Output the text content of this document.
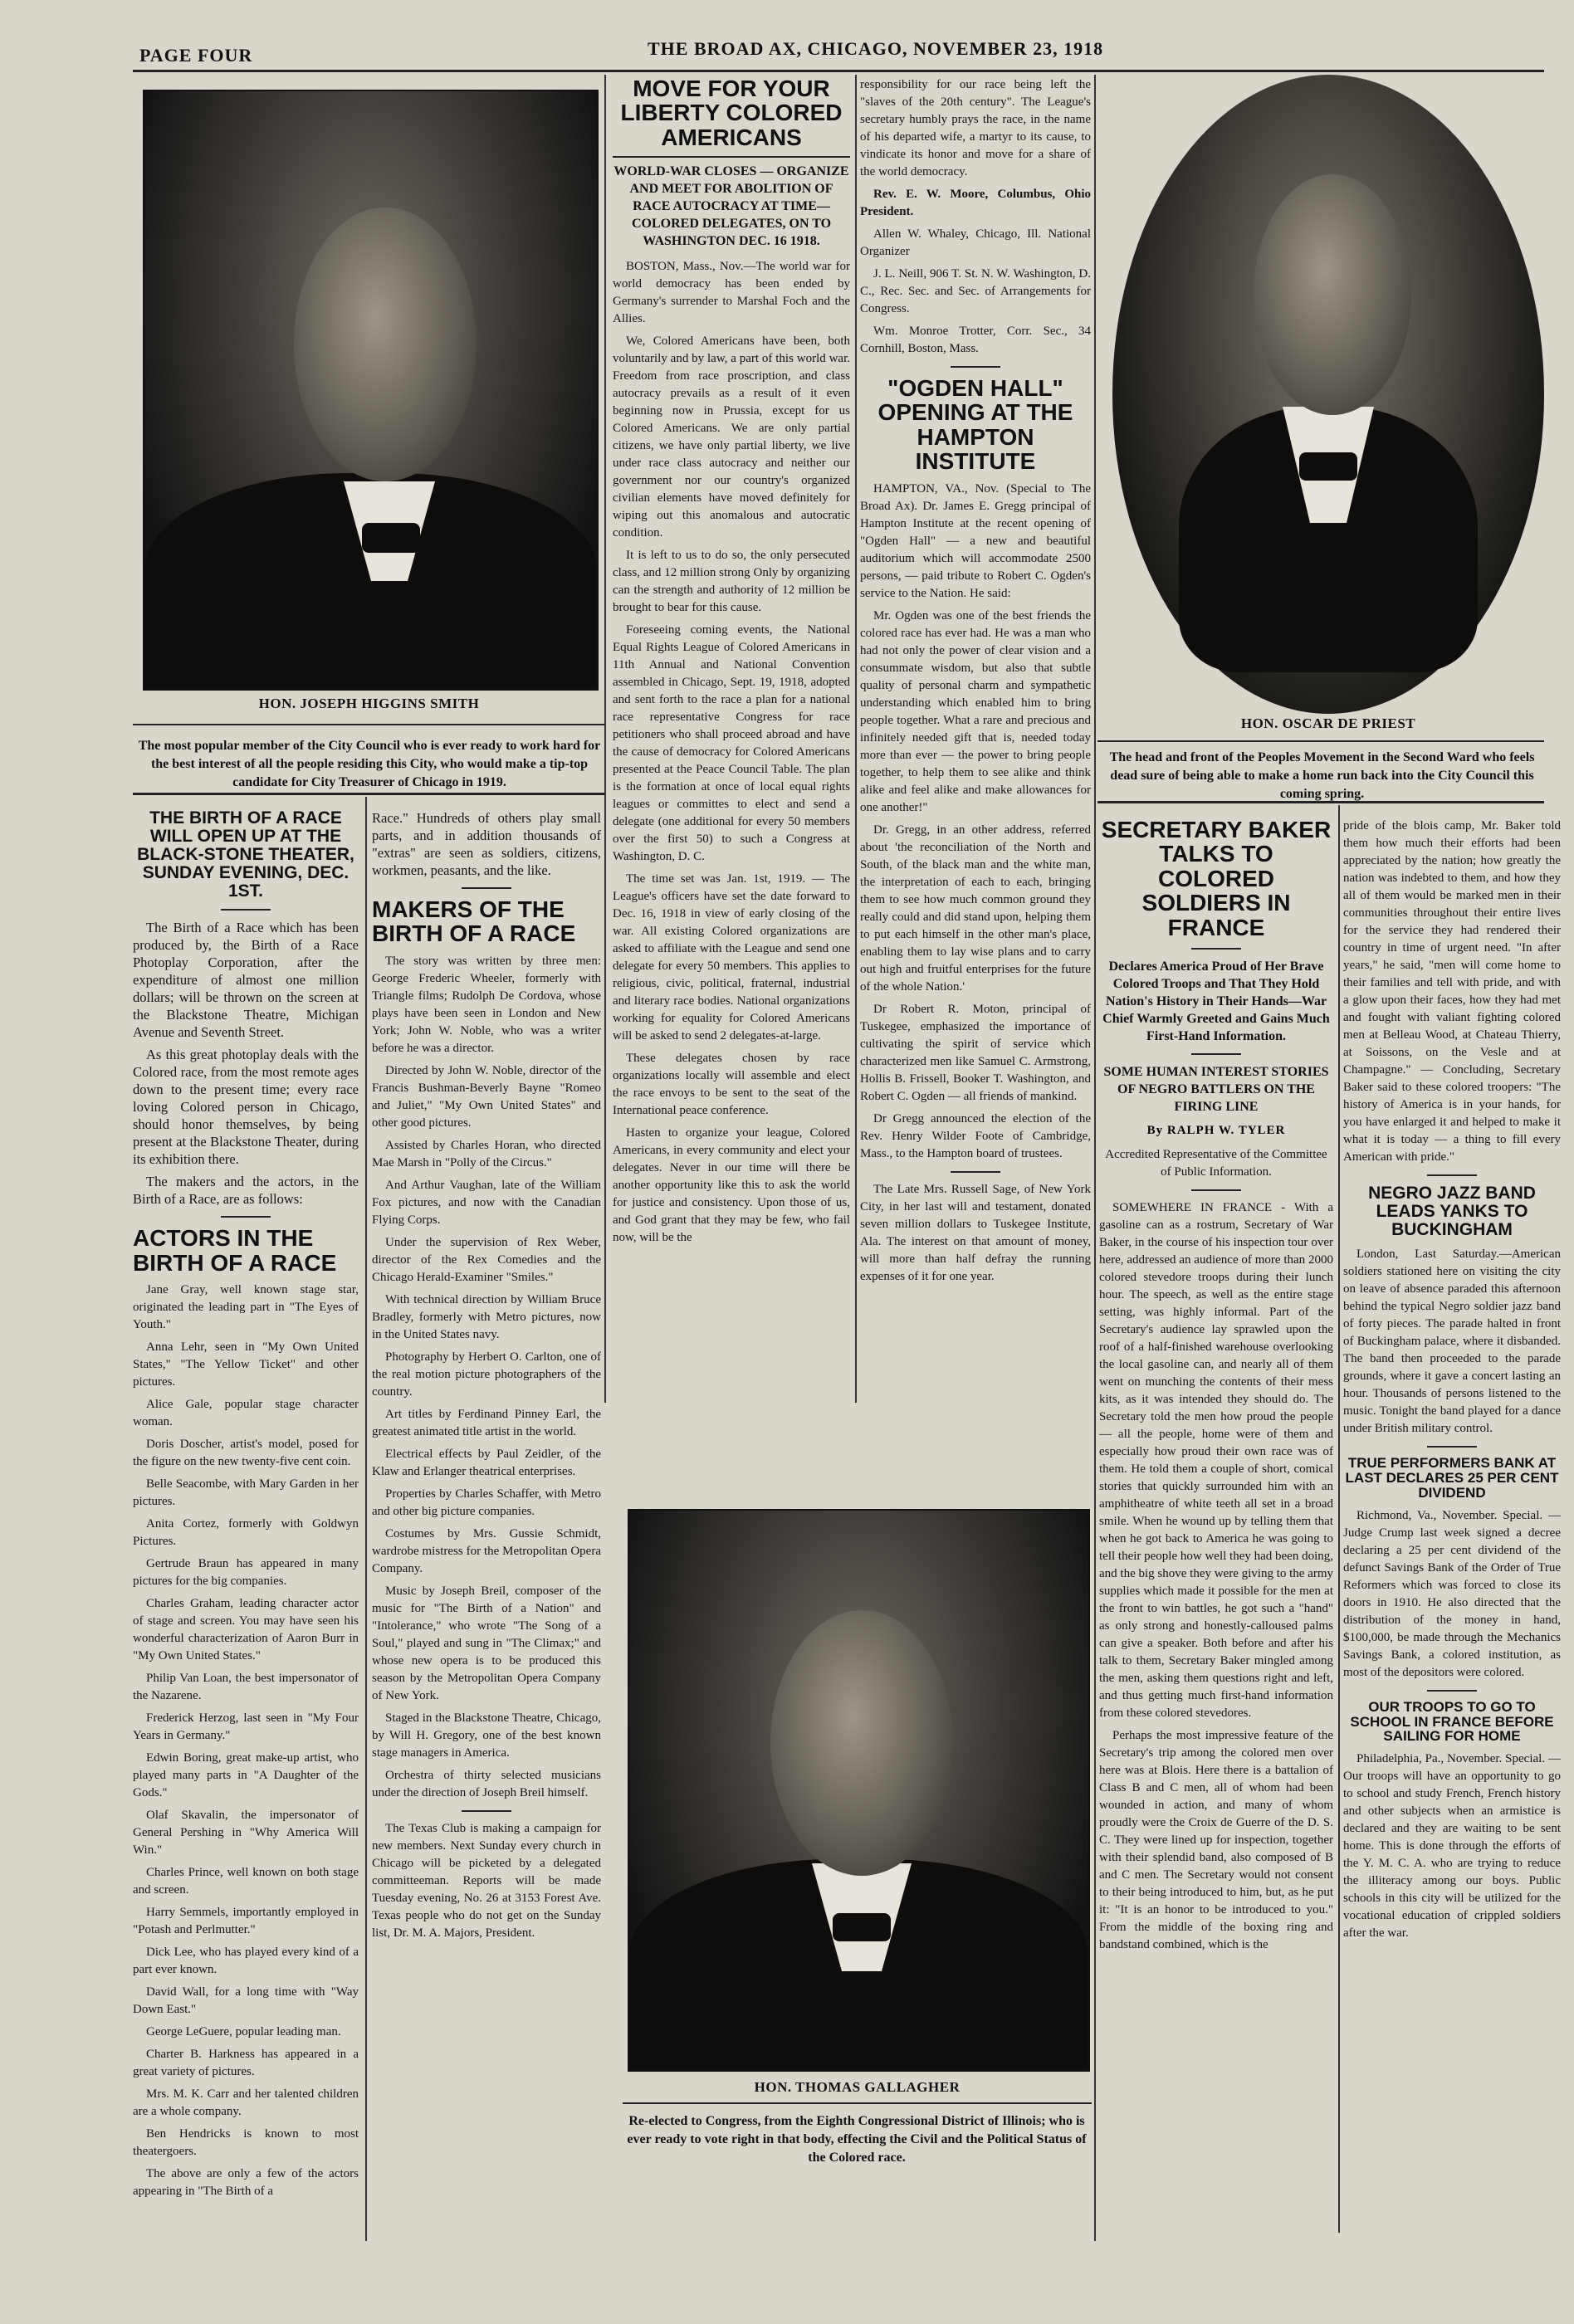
PAGE FOUR	THE BROAD AX, CHICAGO, NOVEMBER 23, 1918
HON. JOSEPH HIGGINS SMITH
The most popular member of the City Council who is ever ready to work hard for the best interest of all the people residing this City, who would make a tip-top candidate for City Treasurer of Chicago in 1919.
HON. OSCAR DE PRIEST
The head and front of the Peoples Movement in the Second Ward who feels dead sure of being able to make a home run back into the City Council this coming spring.
HON. THOMAS GALLAGHER
Re-elected to Congress, from the Eighth Congressional District of Illinois; who is ever ready to vote right in that body, effecting the Civil and the Political Status of the Colored race.
THE BIRTH OF A RACE WILL OPEN UP AT THE BLACK-STONE THEATER, SUNDAY EVENING, DEC. 1ST.

The Birth of a Race which has been produced by, the Birth of a Race Photoplay Corporation, after the expenditure of almost one million dollars; will be thrown on the screen at the Blackstone Theatre, Michigan Avenue and Seventh Street.

As this great photoplay deals with the Colored race, from the most remote ages down to the present time; every race loving Colored person in Chicago, should honor themselves, by being present at the Blackstone Theater, during its exhibition there.

The makers and the actors, in the Birth of a Race, are as follows:

ACTORS IN THE BIRTH OF A RACE

Jane Gray, well known stage star, originated the leading part in "The Eyes of Youth."

Anna Lehr, seen in "My Own United States," "The Yellow Ticket" and other pictures.

Alice Gale, popular stage character woman.

Doris Doscher, artist's model, posed for the figure on the new twenty-five cent coin.

Belle Seacombe, with Mary Garden in her pictures.

Anita Cortez, formerly with Goldwyn Pictures.

Gertrude Braun has appeared in many pictures for the big companies.

Charles Graham, leading character actor of stage and screen. You may have seen his wonderful characterization of Aaron Burr in "My Own United States."

Philip Van Loan, the best impersonator of the Nazarene.

Frederick Herzog, last seen in "My Four Years in Germany."

Edwin Boring, great make-up artist, who played many parts in "A Daughter of the Gods."

Olaf Skavalin, the impersonator of General Pershing in "Why America Will Win."

Charles Prince, well known on both stage and screen.

Harry Semmels, importantly employed in "Potash and Perlmutter."

Dick Lee, who has played every kind of a part ever known.

David Wall, for a long time with "Way Down East."

George LeGuere, popular leading man.

Charter B. Harkness has appeared in a great variety of pictures.

Mrs. M. K. Carr and her talented children are a whole company.

Ben Hendricks is known to most theatergoers.

The above are only a few of the actors appearing in "The Birth of a

Race." Hundreds of others play small parts, and in addition thousands of "extras" are seen as soldiers, citizens, workmen, peasants, and the like.

MAKERS OF THE BIRTH OF A RACE

The story was written by three men: George Frederic Wheeler, formerly with Triangle films; Rudolph De Cordova, whose plays have been seen in London and New York; John W. Noble, who was a writer before he was a director.

Directed by John W. Noble, director of the Francis Bushman-Beverly Bayne "Romeo and Juliet," "My Own United States" and other good pictures.

Assisted by Charles Horan, who directed Mae Marsh in "Polly of the Circus."

And Arthur Vaughan, late of the William Fox pictures, and now with the Canadian Flying Corps.

Under the supervision of Rex Weber, director of the Rex Comedies and the Chicago Herald-Examiner "Smiles."

With technical direction by William Bruce Bradley, formerly with Metro pictures, now in the United States navy.

Photography by Herbert O. Carlton, one of the real motion picture photographers of the country.

Art titles by Ferdinand Pinney Earl, the greatest animated title artist in the world.

Electrical effects by Paul Zeidler, of the Klaw and Erlanger theatrical enterprises.

Properties by Charles Schaffer, with Metro and other big picture companies.

Costumes by Mrs. Gussie Schmidt, wardrobe mistress for the Metropolitan Opera Company.

Music by Joseph Breil, composer of the music for "The Birth of a Nation" and "Intolerance," who wrote "The Song of a Soul," played and sung in "The Climax;" and whose new opera is to be produced this season by the Metropolitan Opera Company of New York.

Staged in the Blackstone Theatre, Chicago, by Will H. Gregory, one of the best known stage managers in America.

Orchestra of thirty selected musicians under the direction of Joseph Breil himself.

The Texas Club is making a campaign for new members. Next Sunday every church in Chicago will be picketed by a delegated committeeman. Reports will be made Tuesday evening, No. 26 at 3153 Forest Ave. Texas people who do not get on the Sunday list, Dr. M. A. Majors, President.

MOVE FOR YOUR LIBERTY COLORED AMERICANS

WORLD-WAR CLOSES — ORGANIZE AND MEET FOR ABOLITION OF RACE AUTOCRACY AT TIME— COLORED DELEGATES, ON TO WASHINGTON DEC. 16 1918.

BOSTON, Mass., Nov.—The world war for world democracy has been ended by Germany's surrender to Marshal Foch and the Allies.

We, Colored Americans have been, both voluntarily and by law, a part of this world war. Freedom from race proscription, and class autocracy prevails as a result of it even beginning now in Prussia, except for us Colored Americans. We are only partial citizens, we have only partial liberty, we live under race class autocracy and neither our government nor our country's organized civilian elements have moved definitely for wiping out this anomalous and autocratic condition.

It is left to us to do so, the only persecuted class, and 12 million strong Only by organizing can the strength and authority of 12 million be brought to bear for this cause.

Foreseeing coming events, the National Equal Rights League of Colored Americans in 11th Annual and National Convention assembled in Chicago, Sept. 19, 1918, adopted and sent forth to the race a plan for a national race representative Congress for race petitioners who shall proceed abroad and have the cause of democracy for Colored Americans presented at the Peace Council Table. The plan is the formation at once of local equal rights leagues or committes to elect and send a delegate (one additional for every 50 members over the first 50) to such a Congress at Washington, D. C.

The time set was Jan. 1st, 1919. — The League's officers have set the date forward to Dec. 16, 1918 in view of early closing of the war. All existing Colored organizations are asked to affiliate with the League and send one delegate for every 50 members. This applies to religious, civic, political, fraternal, industrial and literary race bodies. National organizations working for equality for Colored Americans will be asked to send 2 delegates-at-large.

These delegates chosen by race organizations locally will assemble and elect the race envoys to be sent to the seat of the International peace conference.

Hasten to organize your league, Colored Americans, in every community and elect your delegates. Never in our time will there be another opportunity like this to ask the world for justice and consistency. Upon those of us, and God grant that they may be few, who fail now, will be the

responsibility for our race being left the "slaves of the 20th century". The League's secretary humbly prays the race, in the name of his departed wife, a martyr to its cause, to vindicate its honor and move for a share of the world democracy.

Rev. E. W. Moore, Columbus, Ohio President.

Allen W. Whaley, Chicago, Ill. National Organizer

J. L. Neill, 906 T. St. N. W. Washington, D. C., Rec. Sec. and Sec. of Arrangements for Congress.

Wm. Monroe Trotter, Corr. Sec., 34 Cornhill, Boston, Mass.

"OGDEN HALL" OPENING AT THE HAMPTON INSTITUTE

HAMPTON, VA., Nov. (Special to The Broad Ax). Dr. James E. Gregg principal of Hampton Institute at the recent opening of "Ogden Hall" — a new and beautiful auditorium which will accommodate 2500 persons, — paid tribute to Robert C. Ogden's service to the Nation. He said:

Mr. Ogden was one of the best friends the colored race has ever had. He was a man who had not only the power of clear vision and a consummate wisdom, but also that subtle quality of personal charm and sympathetic understanding which enabled him to bring people together. What a rare and precious and infinitely needed gift that is, needed today more than ever — the power to bring people together, to help them to see alike and think alike and feel alike and make allowances for one another!"

Dr. Gregg, in an other address, referred about 'the reconciliation of the North and South, of the black man and the white man, the interpretation of each to each, bringing them to see how much common ground they really could and did stand upon, helping them to put each himself in the other man's place, enabling them to lay wise plans and to carry out high and fruitful enterprises for the future of the whole Nation.'

Dr Robert R. Moton, principal of Tuskegee, emphasized the importance of cultivating the spirit of service which characterized men like Samuel C. Armstrong, Hollis B. Frissell, Booker T. Washington, and Robert C. Ogden — all friends of mankind.

Dr Gregg announced the election of the Rev. Henry Wilder Foote of Cambridge, Mass., to the Hampton board of trustees.

The Late Mrs. Russell Sage, of New York City, in her last will and testament, donated seven million dollars to Tuskegee Institute, Ala. The interest on that amount of money, will more than half defray the running expenses of it for one year.

SECRETARY BAKER TALKS TO COLORED SOLDIERS IN FRANCE

Declares America Proud of Her Brave Colored Troops and That They Hold Nation's History in Their Hands—War Chief Warmly Greeted and Gains Much First-Hand Information.

SOME HUMAN INTEREST STORIES OF NEGRO BATTLERS ON THE FIRING LINE

By RALPH W. TYLER

Accredited Representative of the Committee of Public Information.

SOMEWHERE IN FRANCE - With a gasoline can as a rostrum, Secretary of War Baker, in the course of his inspection tour over here, addressed an audience of more than 2000 colored stevedore troops during their lunch hour. The speech, as well as the entire stage setting, was highly informal. Part of the Secretary's audience lay sprawled upon the roof of a half-finished warehouse overlooking the local gasoline can, and nearly all of them went on munching the contents of their mess kits, as it was intended they should do. The Secretary told the men how proud the people — all the people, home were of them and especially how proud their own race was of them. He told them a couple of short, comical stories that quickly surrounded him with an amphitheatre of white teeth all set in a broad smile. When he wound up by telling them that when he got back to America he was going to tell their people how well they had been doing, and the big shove they were giving to the army supplies which made it possible for the men at the front to win battles, he got such a "hand" as only strong and honestly-calloused palms can give a speaker. Both before and after his talk to them, Secretary Baker mingled among the men, asking them questions right and left, and thus getting much first-hand information from these colored stevedores.

Perhaps the most impressive feature of the Secretary's trip among the colored men over here was at Blois. Here there is a battalion of Class B and C men, all of whom had been wounded in action, and many of whom proudly were the Croix de Guerre of the D. S. C. They were lined up for inspection, together with their splendid band, also composed of B and C men. The Secretary would not consent to their being introduced to him, but, as he put it: "It is an honor to be introduced to you." From the middle of the boxing ring and bandstand combined, which is the

pride of the blois camp, Mr. Baker told them how much their efforts had been appreciated by the nation; how greatly the nation was indebted to them, and how they all of them would be marked men in their communities throughout their entire lives for the service they had rendered their country in time of urgent need. "In after years," he said, "men will come home to their families and tell with pride, and with a glow upon their faces, how they had met and fought with valiant fighting colored men at Belleau Wood, at Chateau Thierry, at Soissons, on the Vesle and at Champagne." — Concluding, Secretary Baker said to these colored troopers: "The history of America is in your hands, for you have enlarged it and helped to make it what it is today — a thing to fill every American with pride."

NEGRO JAZZ BAND LEADS YANKS TO BUCKINGHAM

London, Last Saturday.—American soldiers stationed here on visiting the city on leave of absence paraded this afternoon behind the typical Negro soldier jazz band of forty pieces. The parade halted in front of Buckingham palace, where it disbanded. The band then proceeded to the parade grounds, where it gave a concert lasting an hour. Thousands of persons listened to the music. Tonight the band played for a dance under British military control.

TRUE PERFORMERS BANK AT LAST DECLARES 25 PER CENT DIVIDEND

Richmond, Va., November. Special. —Judge Crump last week signed a decree declaring a 25 per cent dividend of the defunct Savings Bank of the Order of True Reformers which was forced to close its doors in 1910. He also directed that the distribution of the money in hand, $100,000, be made through the Mechanics Savings Bank, a colored institution, as most of the depositors were colored.

OUR TROOPS TO GO TO SCHOOL IN FRANCE BEFORE SAILING FOR HOME

Philadelphia, Pa., November. Special. —Our troops will have an opportunity to go to school and study French, French history and other subjects when an armistice is declared and they are waiting to be sent home. This is done through the efforts of the Y. M. C. A. who are trying to reduce the illiteracy among our boys. Public schools in this city will be utilized for the vocational education of crippled soldiers after the war.
